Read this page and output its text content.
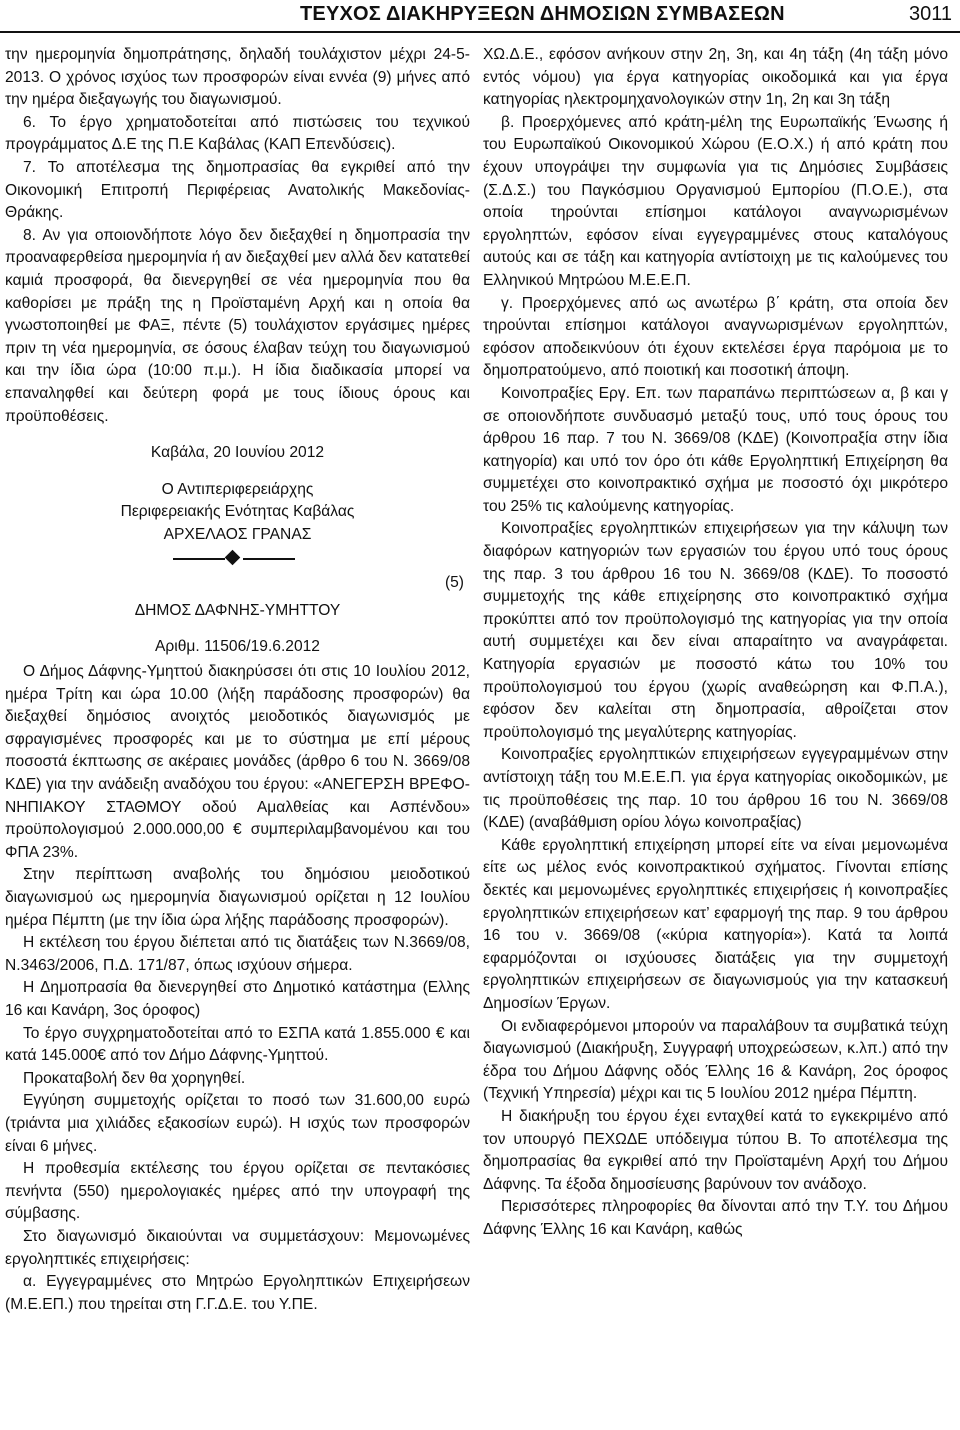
ΤΕΥΧΟΣ ΔΙΑΚΗΡΥΞΕΩΝ ΔΗΜΟΣΙΩΝ ΣΥΜΒΑΣΕΩΝ	3011

την ημερομηνία δημοπράτησης, δηλαδή τουλάχιστον μέχρι 24-5-2013. Ο χρόνος ισχύος των προσφορών είναι εννέα (9) μήνες από την ημέρα διεξαγωγής του διαγωνισμού.

6. Το έργο χρηματοδοτείται από πιστώσεις του τεχνικού προγράμματος Δ.Ε της Π.Ε Καβάλας (ΚΑΠ Επενδύσεις).

7. Το αποτέλεσμα της δημοπρασίας θα εγκριθεί από την Οικονομική Επιτροπή Περιφέρειας Ανατολικής Μακεδονίας-Θράκης.

8. Αν για οποιονδήποτε λόγο δεν διεξαχθεί η δημοπρασία την προαναφερθείσα ημερομηνία ή αν διεξαχθεί μεν αλλά δεν κατατεθεί καμιά προσφορά, θα διενεργηθεί σε νέα ημερομηνία που θα καθορίσει με πράξη της η Προϊσταμένη Αρχή και η οποία θα γνωστοποιηθεί με ΦΑΞ, πέντε (5) τουλάχιστον εργάσιμες ημέρες πριν τη νέα ημερομηνία, σε όσους έλαβαν τεύχη του διαγωνισμού και την ίδια ώρα (10:00 π.μ.). Η ίδια διαδικασία μπορεί να επαναληφθεί και δεύτερη φορά με τους ίδιους όρους και προϋποθέσεις.

Καβάλα, 20 Ιουνίου 2012

Ο Αντιπεριφερειάρχης

Περιφερειακής Ενότητας Καβάλας

ΑΡΧΕΛΑΟΣ ΓΡΑΝΑΣ

(5)
ΔΗΜΟΣ ΔΑΦΝΗΣ-ΥΜΗΤΤΟΥ

Αριθμ. 11506/19.6.2012

Ο Δήμος Δάφνης-Υμηττού διακηρύσσει ότι στις 10 Ιουλίου 2012, ημέρα Τρίτη και ώρα 10.00 (λήξη παράδοσης προσφορών) θα διεξαχθεί δημόσιος ανοιχτός μειοδοτικός διαγωνισμός με σφραγισμένες προσφορές και με το σύστημα με επί μέρους ποσοστά έκπτωσης σε ακέραιες μονάδες (άρθρο 6 του Ν. 3669/08 ΚΔΕ) για την ανάδειξη αναδόχου του έργου: «ΑΝΕΓΕΡΣΗ ΒΡΕΦΟΝΗΠΙΑΚΟΥ ΣΤΑΘΜΟΥ οδού Αμαλθείας και Ασπένδου» προϋπολογισμού 2.000.000,00 € συμπεριλαμβανομένου και του ΦΠΑ 23%.

Στην περίπτωση αναβολής του δημόσιου μειοδοτικού διαγωνισμού ως ημερομηνία διαγωνισμού ορίζεται η 12 Ιουλίου ημέρα Πέμπτη (με την ίδια ώρα λήξης παράδοσης προσφορών).

Η εκτέλεση του έργου διέπεται από τις διατάξεις των Ν.3669/08, Ν.3463/2006, Π.Δ. 171/87, όπως ισχύουν σήμερα.

Η Δημοπρασία θα διενεργηθεί στο Δημοτικό κατάστημα (Ελλης 16 και Κανάρη, 3ος όροφος)

Το έργο συγχρηματοδοτείται από το ΕΣΠΑ κατά 1.855.000 € και κατά 145.000€ από τον Δήμο Δάφνης-Υμηττού.

Προκαταβολή δεν θα χορηγηθεί.

Εγγύηση συμμετοχής ορίζεται το ποσό των 31.600,00 ευρώ (τριάντα μια χιλιάδες εξακοσίων ευρώ). Η ισχύς των προσφορών είναι 6 μήνες.

Η προθεσμία εκτέλεσης του έργου ορίζεται σε πεντακόσιες πενήντα (550) ημερολογιακές ημέρες από την υπογραφή της σύμβασης.

Στο διαγωνισμό δικαιούνται να συμμετάσχουν: Μεμονωμένες εργοληπτικές επιχειρήσεις:

α. Εγγεγραμμένες στο Μητρώο Εργοληπτικών Επιχειρήσεων (Μ.Ε.ΕΠ.) που τηρείται στη Γ.Γ.Δ.Ε. του Υ.ΠΕ.

ΧΩ.Δ.Ε., εφόσον ανήκουν στην 2η, 3η, και 4η τάξη (4η τάξη μόνο εντός νόμου) για έργα κατηγορίας οικοδομικά και για έργα κατηγορίας ηλεκτρομηχανολογικών στην 1η, 2η και 3η τάξη

β. Προερχόμενες από κράτη-μέλη της Ευρωπαϊκής Ένωσης ή του Ευρωπαϊκού Οικονομικού Χώρου (Ε.Ο.Χ.) ή από κράτη που έχουν υπογράψει την συμφωνία για τις Δημόσιες Συμβάσεις (Σ.Δ.Σ.) του Παγκόσμιου Οργανισμού Εμπορίου (Π.Ο.Ε.), στα οποία τηρούνται επίσημοι κατάλογοι αναγνωρισμένων εργοληπτών, εφόσον είναι εγγεγραμμένες στους καταλόγους αυτούς και σε τάξη και κατηγορία αντίστοιχη με τις καλούμενες του Ελληνικού Μητρώου Μ.Ε.Ε.Π.

γ. Προερχόμενες από ως ανωτέρω β΄ κράτη, στα οποία δεν τηρούνται επίσημοι κατάλογοι αναγνωρισμένων εργοληπτών, εφόσον αποδεικνύουν ότι έχουν εκτελέσει έργα παρόμοια με το δημοπρατούμενο, από ποιοτική και ποσοτική άποψη.

Κοινοπραξίες Εργ. Επ. των παραπάνω περιπτώσεων α, β και γ σε οποιονδήποτε συνδυασμό μεταξύ τους, υπό τους όρους του άρθρου 16 παρ. 7 του Ν. 3669/08 (ΚΔΕ) (Κοινοπραξία στην ίδια κατηγορία) και υπό τον όρο ότι κάθε Εργοληπτική Επιχείρηση θα συμμετέχει στο κοινοπρακτικό σχήμα με ποσοστό όχι μικρότερο του 25% τις καλούμενης κατηγορίας.

Κοινοπραξίες εργοληπτικών επιχειρήσεων για την κάλυψη των διαφόρων κατηγοριών των εργασιών του έργου υπό τους όρους της παρ. 3 του άρθρου 16 του Ν. 3669/08 (ΚΔΕ). Το ποσοστό συμμετοχής της κάθε επιχείρησης στο κοινοπρακτικό σχήμα προκύπτει από τον προϋπολογισμό της κατηγορίας για την οποία αυτή συμμετέχει και δεν είναι απαραίτητο να αναγράφεται. Κατηγορία εργασιών με ποσοστό κάτω του 10% του προϋπολογισμού του έργου (χωρίς αναθεώρηση και Φ.Π.Α.), εφόσον δεν καλείται στη δημοπρασία, αθροίζεται στον προϋπολογισμό της μεγαλύτερης κατηγορίας.

Κοινοπραξίες εργοληπτικών επιχειρήσεων εγγεγραμμένων στην αντίστοιχη τάξη του Μ.Ε.Ε.Π. για έργα κατηγορίας οικοδομικών, με τις προϋποθέσεις της παρ. 10 του άρθρου 16 του Ν. 3669/08 (ΚΔΕ) (αναβάθμιση ορίου λόγω κοινοπραξίας)

Κάθε εργοληπτική επιχείρηση μπορεί είτε να είναι μεμονωμένα είτε ως μέλος ενός κοινοπρακτικού σχήματος. Γίνονται επίσης δεκτές και μεμονωμένες εργοληπτικές επιχειρήσεις ή κοινοπραξίες εργοληπτικών επιχειρήσεων κατ’ εφαρμογή της παρ. 9 του άρθρου 16 του ν. 3669/08 («κύρια κατηγορία»). Κατά τα λοιπά εφαρμόζονται οι ισχύουσες διατάξεις για την συμμετοχή εργοληπτικών επιχειρήσεων σε διαγωνισμούς για την κατασκευή Δημοσίων Έργων.

Οι ενδιαφερόμενοι μπορούν να παραλάβουν τα συμβατικά τεύχη διαγωνισμού (Διακήρυξη, Συγγραφή υποχρεώσεων, κ.λπ.) από την έδρα του Δήμου Δάφνης οδός Έλλης 16 & Κανάρη, 2ος όροφος (Τεχνική Υπηρεσία) μέχρι και τις 5 Ιουλίου 2012 ημέρα Πέμπτη.

Η διακήρυξη του έργου έχει ενταχθεί κατά το εγκεκριμένο από τον υπουργό ΠΕΧΩΔΕ υπόδειγμα τύπου Β. Το αποτέλεσμα της δημοπρασίας θα εγκριθεί από την Προϊσταμένη Αρχή του Δήμου Δάφνης. Τα έξοδα δημοσίευσης βαρύνουν τον ανάδοχο.

Περισσότερες πληροφορίες θα δίνονται από την Τ.Υ. του Δήμου Δάφνης Έλλης 16 και Κανάρη, καθώς
